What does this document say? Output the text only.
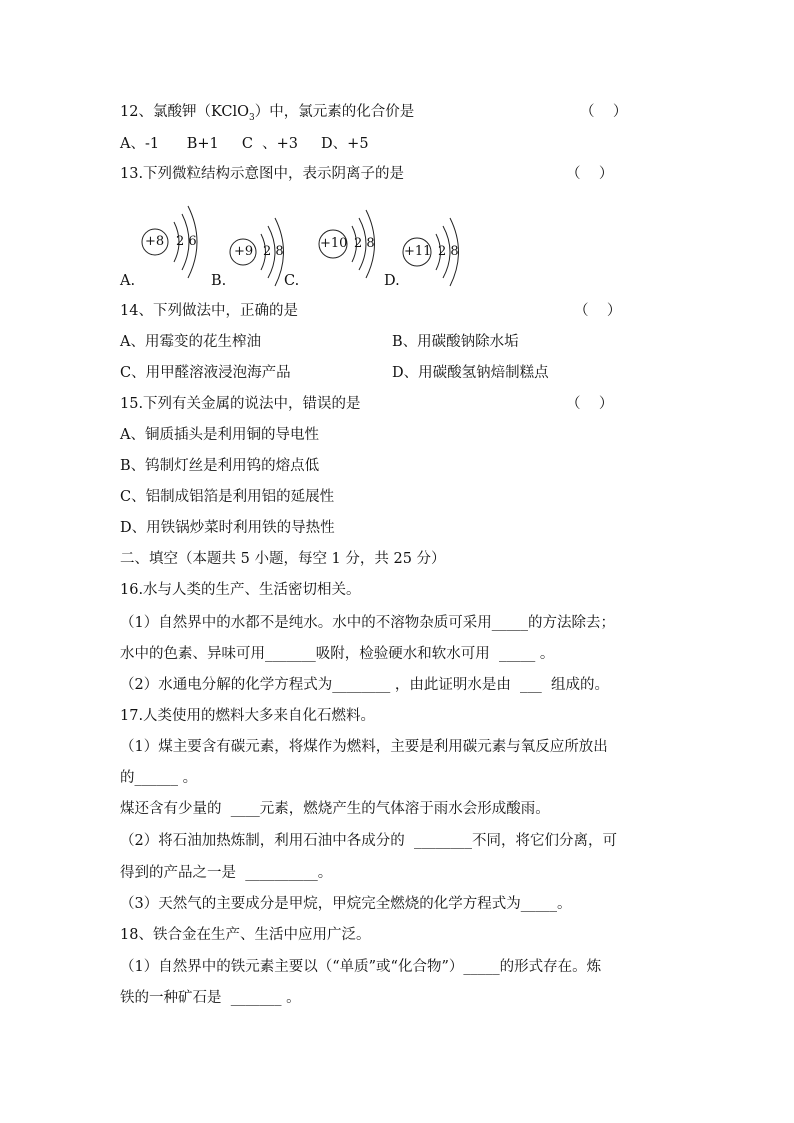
12、氯酸钾（KClO$_3$）中，氯元素的化合价是	（    ）
A、-1      B+1     C  、+3     D、+5
13.下列微粒结构示意图中，表示阴离子的是	（    ）
+8 2 6
+9 2 8
+10 2 8
+11 2 8
A.	B.	C.	D.
14、下列做法中，正确的是	（    ）
A、用霉变的花生榨油	B、用碳酸钠除水垢
C、用甲醛溶液浸泡海产品	D、用碳酸氢钠焙制糕点
15.下列有关金属的说法中，错误的是	（    ）
A、铜质插头是利用铜的导电性
B、钨制灯丝是利用钨的熔点低
C、铝制成铝箔是利用铝的延展性
D、用铁锅炒菜时利用铁的导热性
二、填空（本题共 5 小题，每空 1 分，共 25 分）
16.水与人类的生产、生活密切相关。
（1）自然界中的水都不是纯水。水中的不溶物杂质可采用_____的方法除去；
水中的色素、异味可用_______吸附，检验硬水和软水可用  _____ 。
（2）水通电分解的化学方程式为________ ，由此证明水是由  ___  组成的。
17.人类使用的燃料大多来自化石燃料。
（1）煤主要含有碳元素，将煤作为燃料，主要是利用碳元素与氧反应所放出
的______ 。
煤还含有少量的  ____元素，燃烧产生的气体溶于雨水会形成酸雨。
（2）将石油加热炼制，利用石油中各成分的  ________不同，将它们分离，可
得到的产品之一是  __________。
（3）天然气的主要成分是甲烷，甲烷完全燃烧的化学方程式为_____。
18、铁合金在生产、生活中应用广泛。
（1）自然界中的铁元素主要以（“单质”或“化合物”）_____的形式存在。炼
铁的一种矿石是  _______ 。
